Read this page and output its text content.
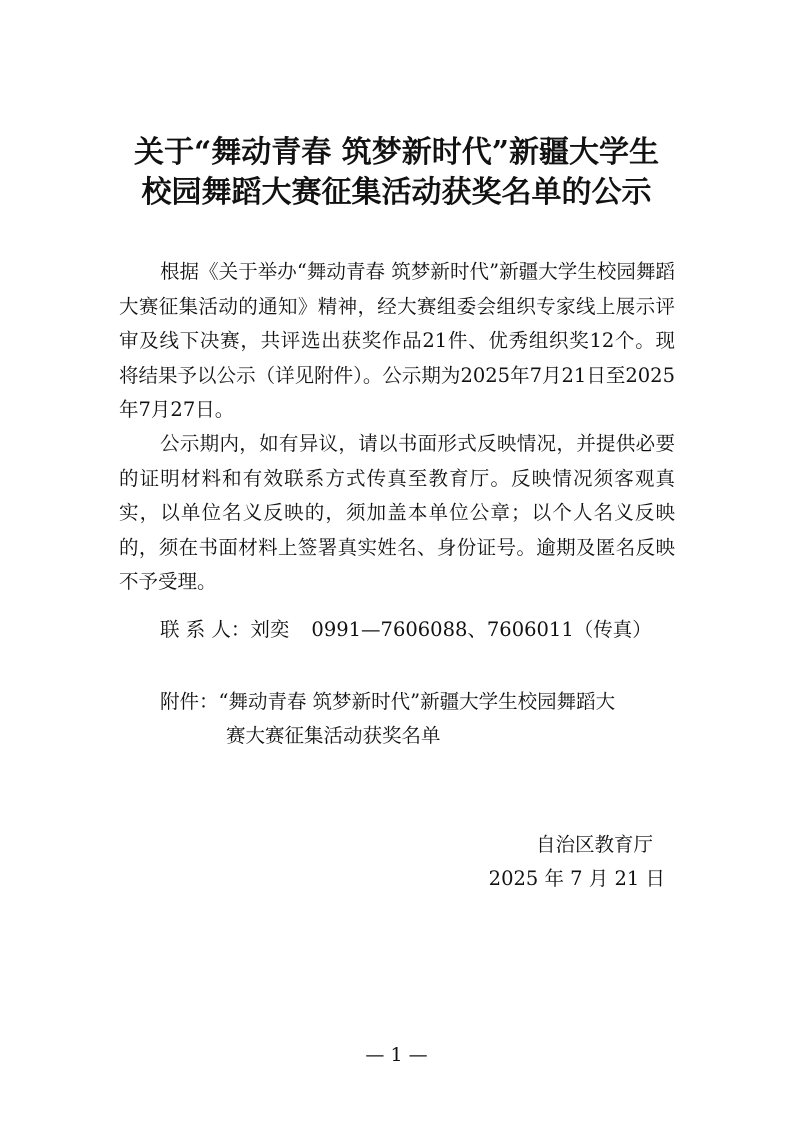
关于“舞动青春 筑梦新时代”新疆大学生
校园舞蹈大赛征集活动获奖名单的公示
根据《关于举办“舞动青春 筑梦新时代”新疆大学生校园舞蹈大赛征集活动的通知》精神，经大赛组委会组织专家线上展示评审及线下决赛，共评选出获奖作品21件、优秀组织奖12个。现将结果予以公示（详见附件）。公示期为2025年7月21日至2025年7月27日。
公示期内，如有异议，请以书面形式反映情况，并提供必要的证明材料和有效联系方式传真至教育厅。反映情况须客观真实，以单位名义反映的，须加盖本单位公章；以个人名义反映的，须在书面材料上签署真实姓名、身份证号。逾期及匿名反映不予受理。
联 系 人：刘奕 0991—7606088、7606011（传真）
附件：“舞动青春 筑梦新时代”新疆大学生校园舞蹈大
赛大赛征集活动获奖名单
自治区教育厅
2025 年 7 月 21 日
— 1 —
